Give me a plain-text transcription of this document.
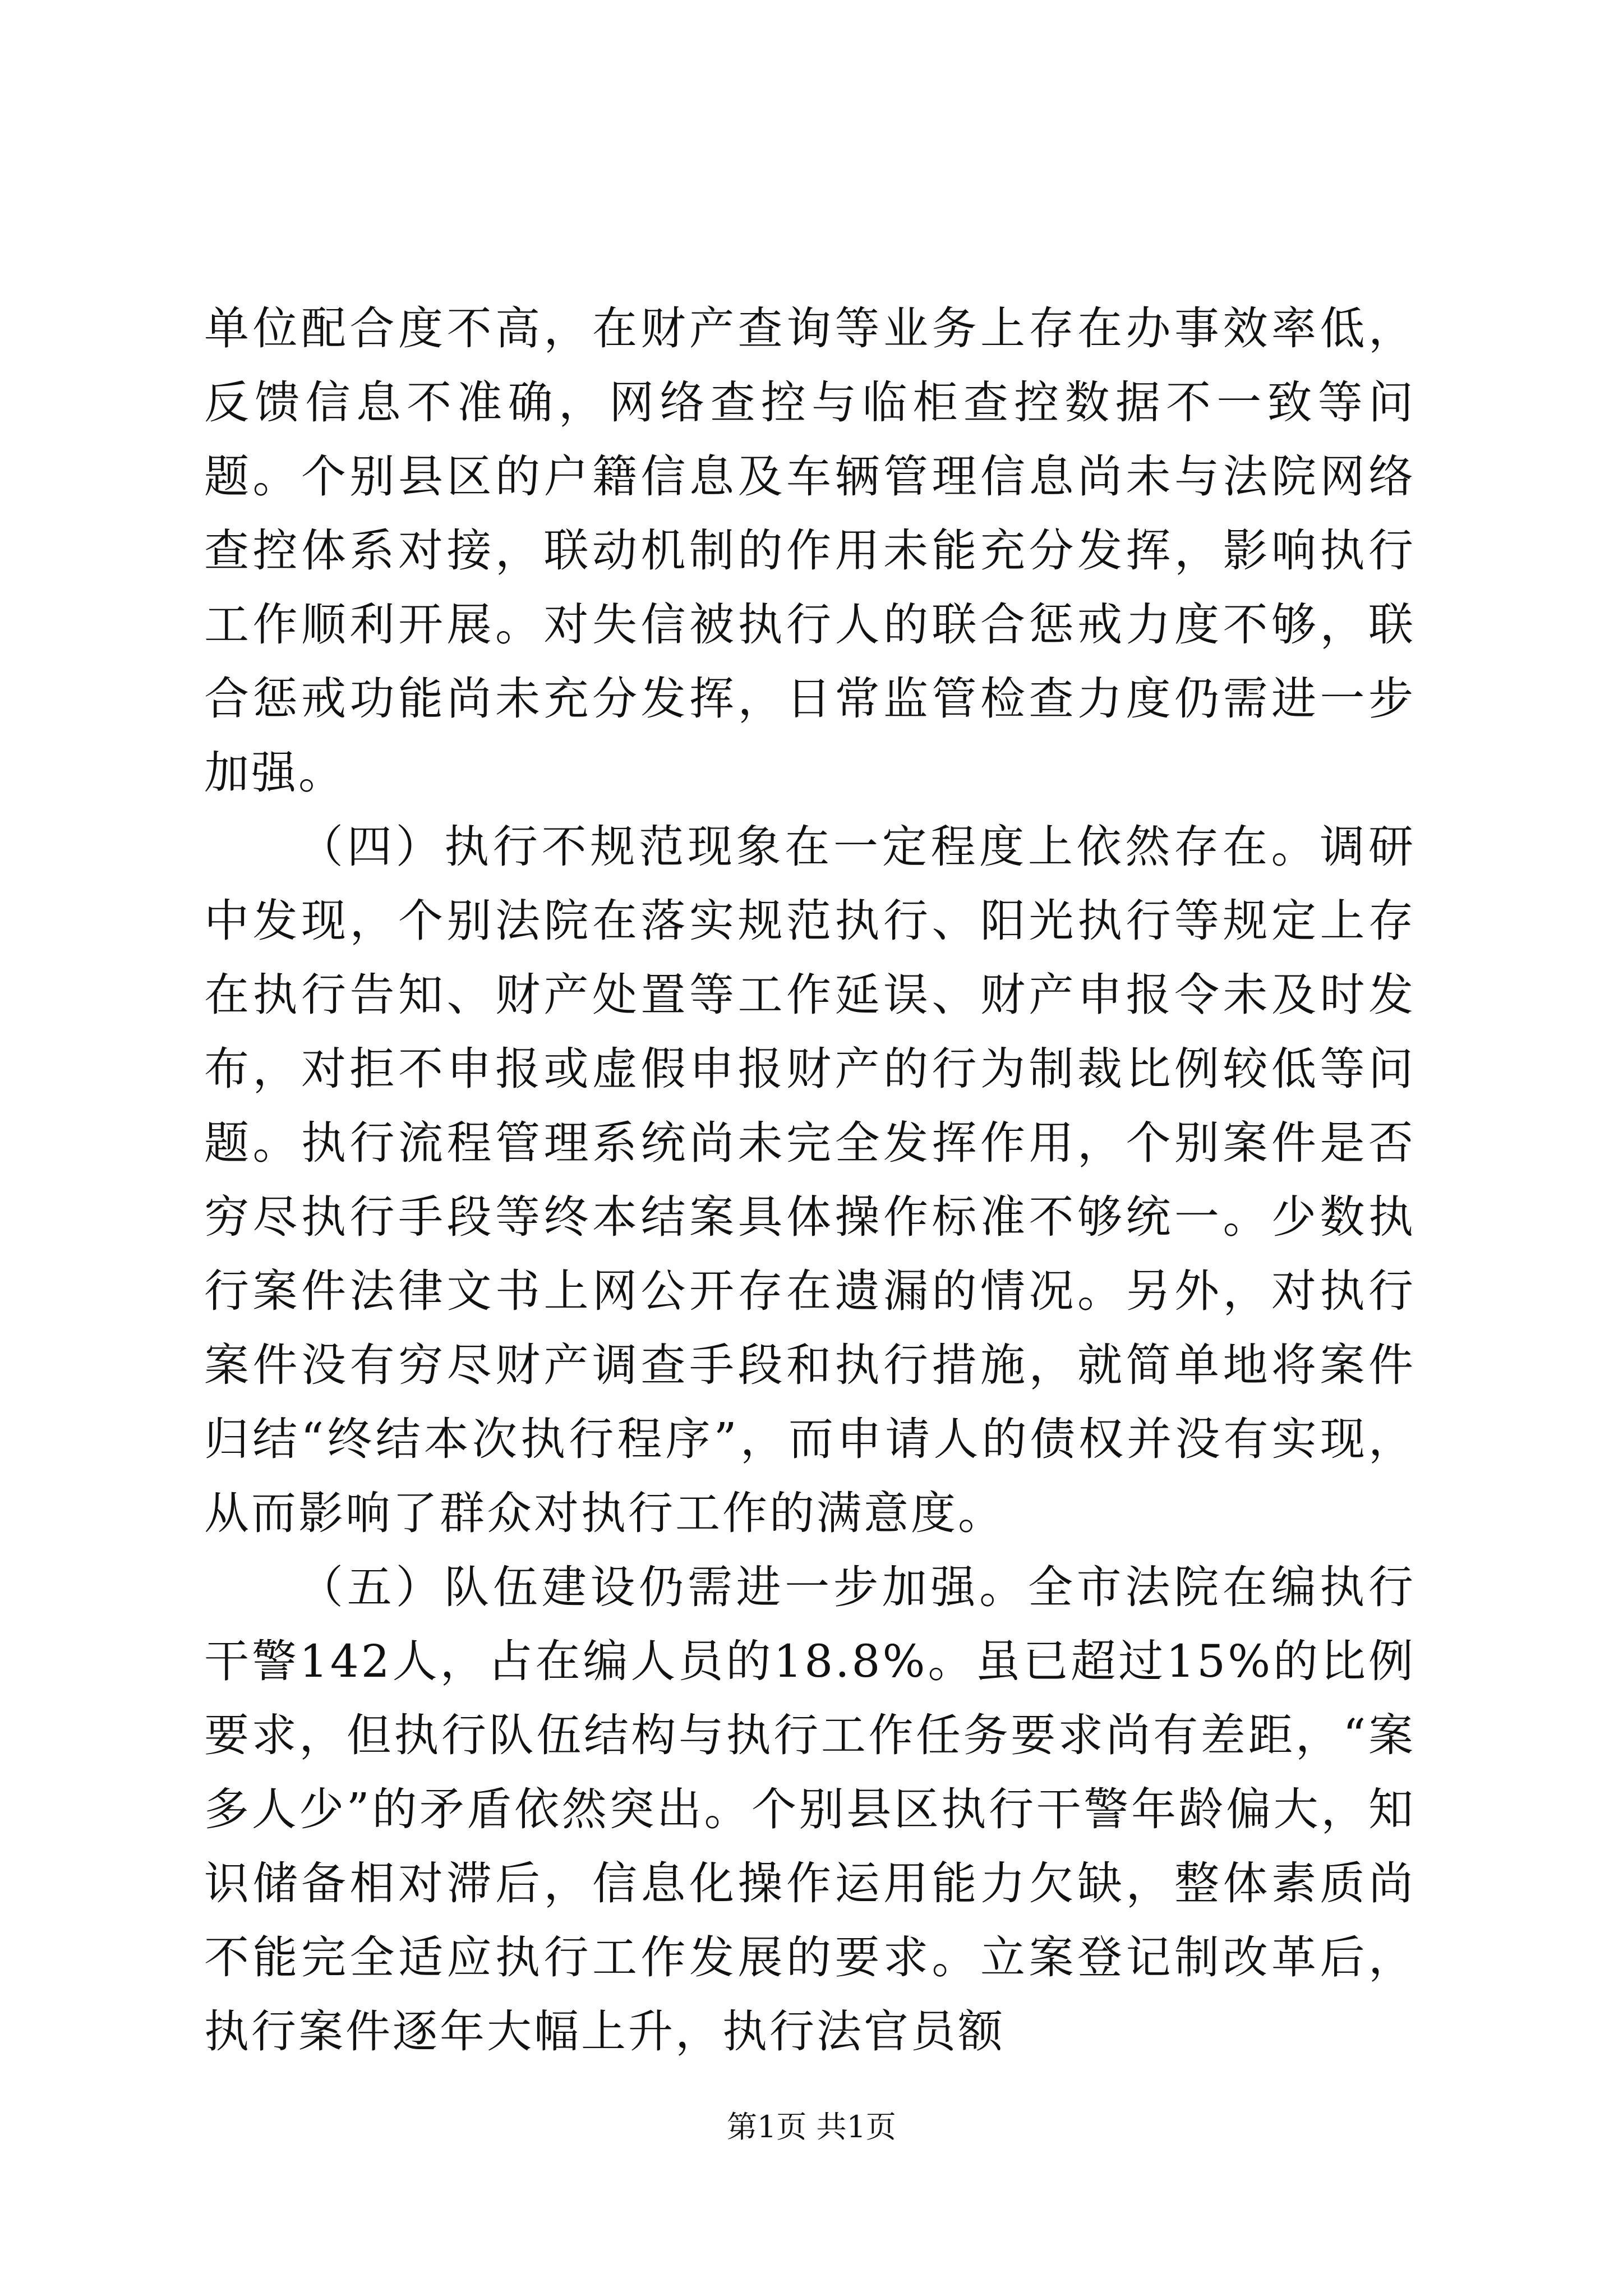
单位配合度不高，在财产查询等业务上存在办事效率低，反馈信息不准确，网络查控与临柜查控数据不一致等问题。个别县区的户籍信息及车辆管理信息尚未与法院网络查控体系对接，联动机制的作用未能充分发挥，影响执行工作顺利开展。对失信被执行人的联合惩戒力度不够，联合惩戒功能尚未充分发挥，日常监管检查力度仍需进一步加强。

（四）执行不规范现象在一定程度上依然存在。调研中发现，个别法院在落实规范执行、阳光执行等规定上存在执行告知、财产处置等工作延误、财产申报令未及时发布，对拒不申报或虚假申报财产的行为制裁比例较低等问题。执行流程管理系统尚未完全发挥作用，个别案件是否穷尽执行手段等终本结案具体操作标准不够统一。少数执行案件法律文书上网公开存在遗漏的情况。另外，对执行案件没有穷尽财产调查手段和执行措施，就简单地将案件归结“终结本次执行程序”，而申请人的债权并没有实现，从而影响了群众对执行工作的满意度。

（五）队伍建设仍需进一步加强。全市法院在编执行干警142人，占在编人员的18.8%。虽已超过15%的比例要求，但执行队伍结构与执行工作任务要求尚有差距，“案多人少”的矛盾依然突出。个别县区执行干警年龄偏大，知识储备相对滞后，信息化操作运用能力欠缺，整体素质尚不能完全适应执行工作发展的要求。立案登记制改革后，执行案件逐年大幅上升，执行法官员额

第1页 共1页
